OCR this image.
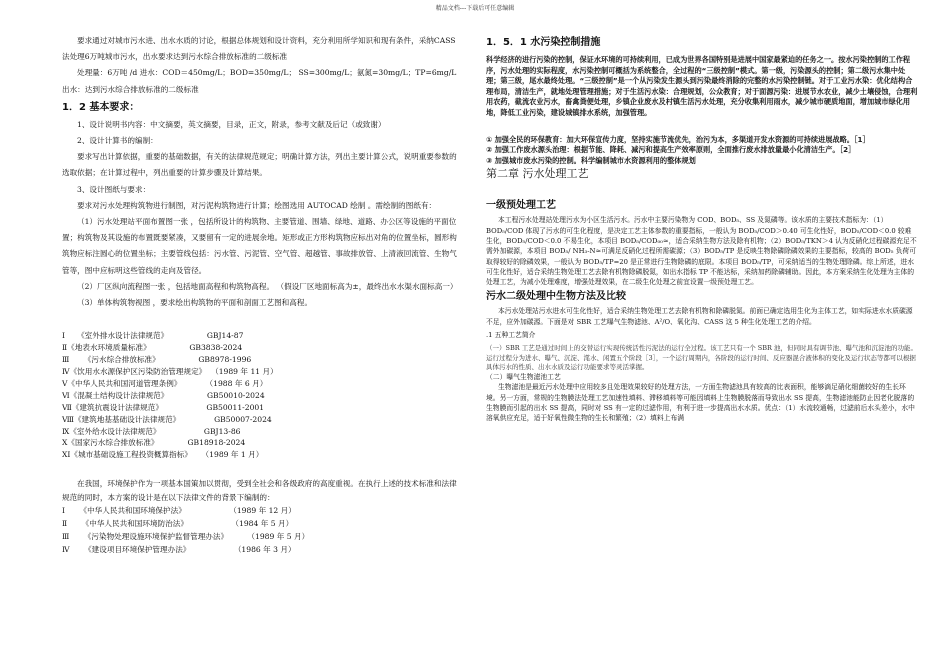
精品文档---下载后可任意编辑

要求通过对城市污水进、出水水质的讨论，根据总体规划和设计资料，充分利用所学知识和现有条件，采纳CASS法处理6万吨城市污水，出水要求达到污水综合排放标准的二级标准

处理量：6万吨 /d 进水：COD＝450mg/L；BOD=350mg/L； SS=300mg/L；氨氮=30mg/L；TP=6mg/L 出水：达到污水综合排放标准的二级标准

1．2 基本要求：

1、设计说明书内容：中文摘要，英文摘要，目录，正文，附录，参考文献及后记（或致谢）

2、设计计算书的编制：

要求写出计算依据，重要的基础数据，有关的法律规范规定；明确计算方法，列出主要计算公式，说明重要参数的选取依据；在计算过程中，列出重要的计算步骤及计算结果。

3、设计图纸与要求：

要求对污水处理构筑物进行制图，对污泥构筑物进行计算；绘图选用 AUTOCAD 绘制 。需绘制的图纸有：

（1）污水处理站平面布置图一张 ，包括所设计的构筑物、主要管道、围墙、绿地、道路、办公区等设施的平面位置；构筑物及其设施的布置既要紧凑，又要留有一定的进展余地。矩形或正方形构筑物应标出对角的位置坐标，圆形构筑物应标注圆心的位置坐标；主要管线包括：污水管、污泥管、空气管、超越管、事故排放管、上清液回流管、生物气管等，图中应标明这些管线的走向及管径。

（2）厂区纵向流程图一张 ，包括地面高程和构筑物高程。 （假设厂区地面标高为±，最终出水水渠水面标高一）

（3）单体构筑物视图 ，要求绘出构筑物的平面和剖面工艺图和高程。

Ⅰ     《室外排水设计法律规范》                GBJ14-87
Ⅱ《地表水环境质量标准》                GB3838-2024
Ⅲ      《污水综合排放标准》                GB8978-1996
Ⅳ《饮用水水源保护区污染防治管理规定》  （1989 年 11 月）
Ⅴ《中华人民共和国河道管理条例》          （1988 年 6 月）
Ⅵ《混凝土结构设计法律规范》                GB50010-2024
Ⅶ《建筑抗震设计法律规范》                  GB50011-2001
Ⅷ《建筑地基基础设计法律规范》              GB50007-2024
Ⅸ《室外给水设计法律规范》                  GBJ13-86
Ⅹ《国家污水综合排放标准》            GB18918-2024
ⅩⅠ《城市基础设施工程投资概算指标》    （1989 年 1 月）

在我国，环境保护作为一项基本国策加以贯彻，受到全社会和各级政府的高度重视。在执行上述的技术标准和法律规范的同时，本方案的设计是在以下法律文件的背景下编制的：

Ⅰ      《中华人民共和国环境保护法》                  （1989 年 12 月）
Ⅱ      《中华人民共和国环境防治法》                  （1984 年 5 月）
Ⅲ      《污染物处理设施环境保护监督管理办法》        （1989 年 5 月）
Ⅳ      《建设项目环境保护管理办法》                  （1986 年 3 月）

1．5．1 水污染控制措施

科学经济的进行污染的控制，保证水环境的可持续利用，已成为世界各国特别是进展中国家最紧迫的任务之一。按水污染控制的工作程序，污水处理的实际程度，水污染控制可概括为系统整合，全过程的“三级控制”模式。第一级，污染源头的控制；第二级污水集中处理；第三级，尾水最终处理。“三级控制”是一个从污染发生源头到污染最终消除的完整的水污染控制链。对于工业污水染：优化结构合理布局，清洁生产，就地处理管理措施；对于生活污水染：合理规划，公众教育；对于面源污染：进展节水农业，减少土壤侵蚀，合理利用农药，截流农业污水，畜禽粪便处理，乡镇企业废水及村镇生活污水处理，充分收集利用雨水，减少城市硬质地面，增加城市绿化用地，降低工业污染，建设城镇排水系统，加强管理。

① 加强全民的环保教育：加大环保宣传力度，坚持实施节流优先，治污为本，多渠道开发水资源的可持续进展战略。［1］

② 加强工作废水源头治理：根据节能、降耗、减污和提高生产效率原则，全面推行废水排放量最小化清洁生产。［2］

③ 加强城市废水污染的控制。科学编制城市水资源利用的整体规划

第二章 污水处理工艺

一级预处理工艺

本工程污水处理站处理污水为小区生活污水。污水中主要污染物为 COD、BOD₅、SS 及氮磷等。该水质的主要技术指标为：（1）BOD₅/COD 体现了污水的可生化程度，是决定工艺主体参数的重要指标，一般认为 BOD₅/COD＞0.40 可生化性好，BOD₅/COD＜0.0 较难生化，BOD₅/COD＜0.0 不易生化，本项目 BOD₅/COD₀₀≈，适合采纳生物方法及除有机物；（2）BOD₅/TKN＞4 认为反硝化过程碳源充足不需外加碳源，本项目 BOD₅/ NH₃-N≈可满足反硝化过程所需碳源；（3）BOD₅/TP 是反映生物除磷除磷效果的主要指标，较高的 BOD₅ 负荷可取得较好的除磷效果，一般认为 BOD₅/TP=20 是正常进行生物除磷的底限。本项目 BOD₅/TP，可采纳适当的生物处理除磷。综上所述，进水可生化性好，适合采纳生物处理工艺去除有机物除磷脱氮，如出水指标 TP 不能达标，采纳加药除磷辅助。因此，本方案采纳生化处理为主体的处理工艺，为减小处理难度，增强处理效果，在二级生化处理之前宜设置一级预处理工艺。

污水二级处理中生物方法及比较

本污水处理站污水进水可生化性好，适合采纳生物处理工艺去除有机物和除磷脱氮。前面已确定选用生化为主体工艺，如实际进水水质碳源不足，应外加碳源。下面是对 SBR 工艺曝气生物滤池、A²/O、氧化沟、CASS 这 5 种生化处理工艺的介绍。

.1 五种工艺简介

（一）SBR 工艺是通过时间上的交替运行实现传统活性污泥法的运行全过程。该工艺只有一个 SBR 池，但同时具有调节池、曝气池和沉淀池的功能。运行过程分为进水、曝气、沉淀、滗水、闲置五个阶段［3］，一个运行周期内，各阶段的运行时间、反应器混合液体积的变化及运行状态等都可以根据具体污水的性质、出水水质及运行功能要求等灵活掌握。

（二）曝气生物滤池工艺

生物滤池是最近污水处理中应用较多且处理效果较好的处理方法，一方面生物滤池具有较高的比表面积，能够滴足硝化细菌较好的生长环境。另一方面，常规的生物膜法处理工艺加速性填料、滞移填料等可能因填料上生物膜脱落而导致出水 SS 提高，生物滤池能防止因老化脱落的生物膜而引起的出水 SS 提高，同时对 SS 有一定的过滤作用，有利于进一步提高出水水质。优点：（1）水流较通畅，过滤前后水头差小，水中溶氧供应充足，适于好氧性微生物的生长和繁殖；（2）填料上布满
